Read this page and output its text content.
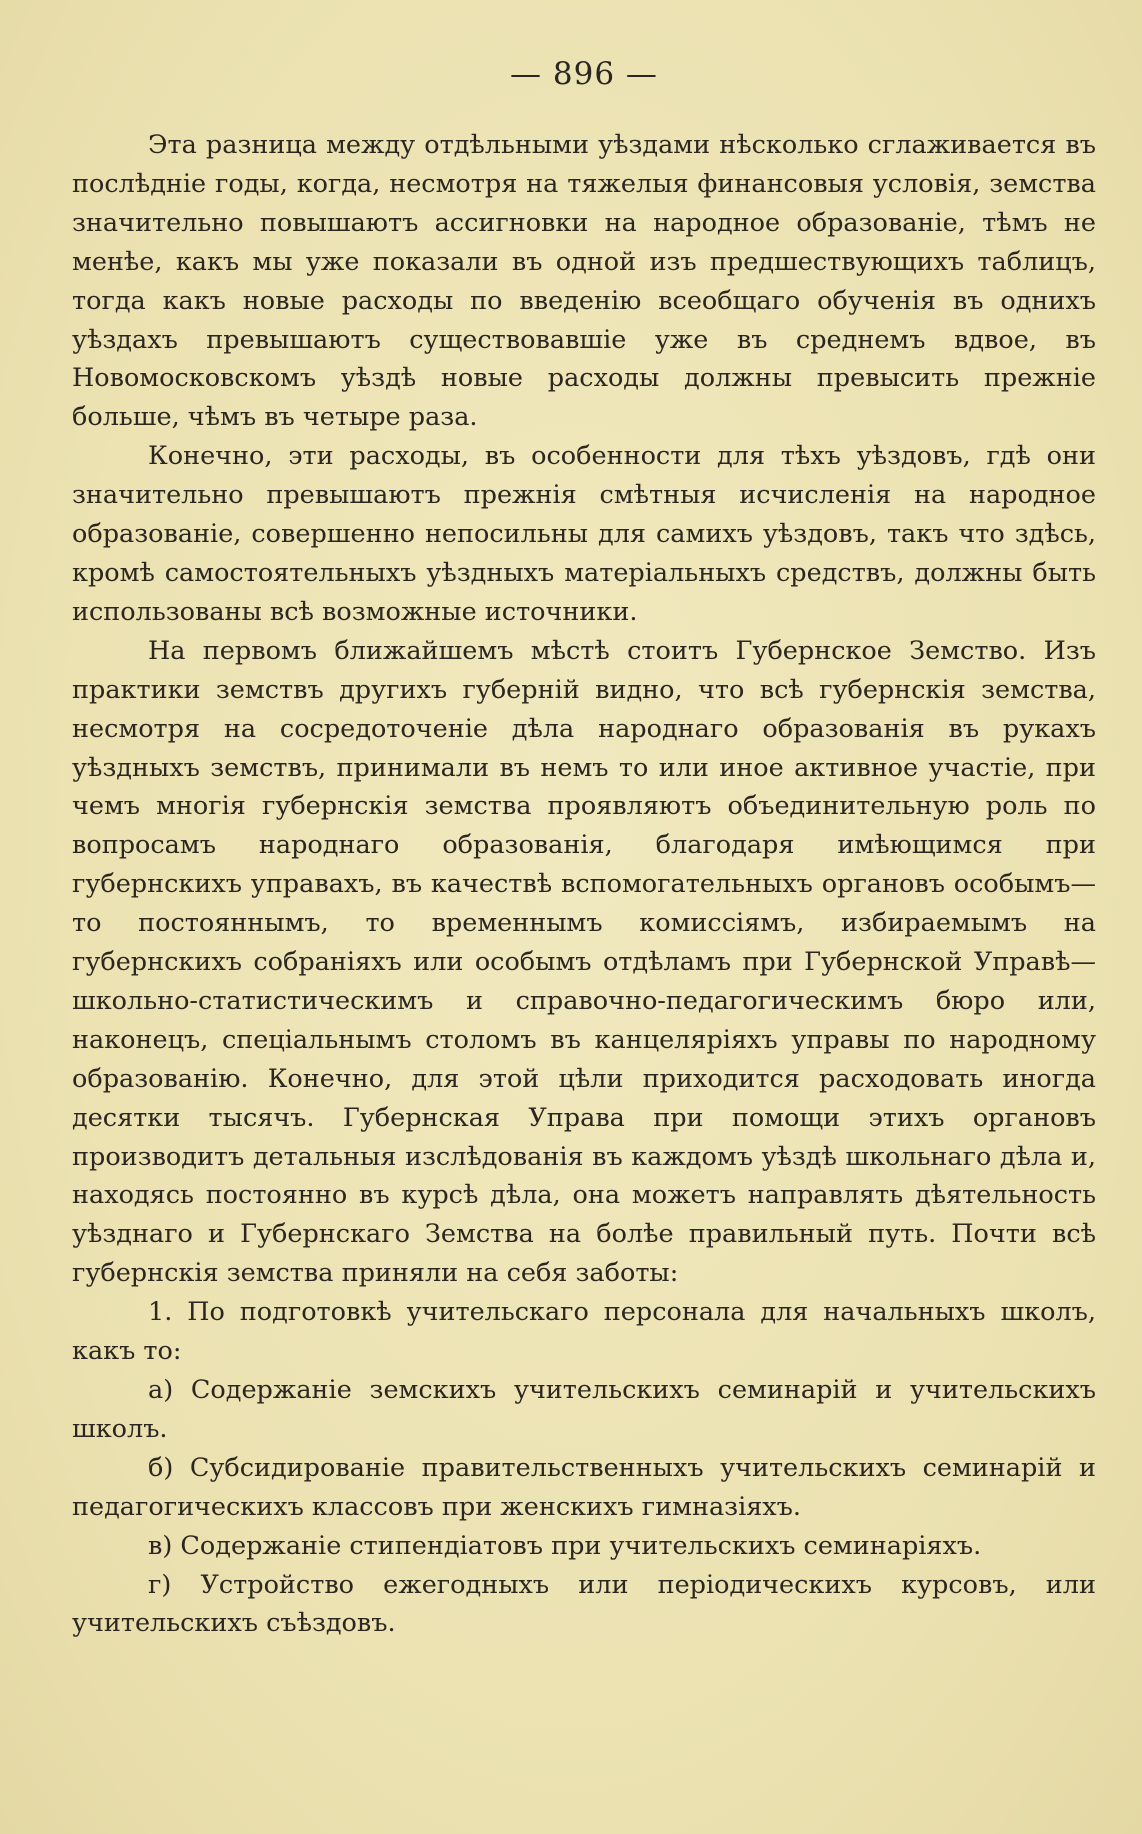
— 896 —

Эта разница между отдѣльными уѣздами нѣсколько сглаживается въ послѣдніе годы, когда, несмотря на тяжелыя финансовыя условія, земства значительно повышаютъ ассигновки на народное образованіе, тѣмъ не менѣе, какъ мы уже показали въ одной изъ предшествующихъ таблицъ, тогда какъ новые расходы по введенію всеобщаго обученія въ однихъ уѣздахъ превышаютъ существовавшіе уже въ среднемъ вдвое, въ Новомосковскомъ уѣздѣ новые расходы должны превысить прежніе больше, чѣмъ въ четыре раза.

Конечно, эти расходы, въ особенности для тѣхъ уѣздовъ, гдѣ они значительно превышаютъ прежнія смѣтныя исчисленія на народное образованіе, совершенно непосильны для самихъ уѣздовъ, такъ что здѣсь, кромѣ самостоятельныхъ уѣздныхъ матеріальныхъ средствъ, должны быть использованы всѣ возможные источники.

На первомъ ближайшемъ мѣстѣ стоитъ Губернское Земство. Изъ практики земствъ другихъ губерній видно, что всѣ губернскія земства, несмотря на сосредоточеніе дѣла народнаго образованія въ рукахъ уѣздныхъ земствъ, принимали въ немъ то или иное активное участіе, при чемъ многія губернскія земства проявляютъ объединительную роль по вопросамъ народнаго образованія, благодаря имѣющимся при губернскихъ управахъ, въ качествѣ вспомогательныхъ органовъ особымъ—то постояннымъ, то временнымъ комиссіямъ, избираемымъ на губернскихъ собраніяхъ или особымъ отдѣламъ при Губернской Управѣ—школьно-статистическимъ и справочно-педагогическимъ бюро или, наконецъ, спеціальнымъ столомъ въ канцеляріяхъ управы по народному образованію. Конечно, для этой цѣли приходится расходовать иногда десятки тысячъ. Губернская Управа при помощи этихъ органовъ производитъ детальныя изслѣдованія въ каждомъ уѣздѣ школьнаго дѣла и, находясь постоянно въ курсѣ дѣла, она можетъ направлять дѣятельность уѣзднаго и Губернскаго Земства на болѣе правильный путь. Почти всѣ губернскія земства приняли на себя заботы:

1. По подготовкѣ учительскаго персонала для начальныхъ школъ, какъ то:

а) Содержаніе земскихъ учительскихъ семинарій и учительскихъ школъ.

б) Субсидированіе правительственныхъ учительскихъ семинарій и педагогическихъ классовъ при женскихъ гимназіяхъ.

в) Содержаніе стипендіатовъ при учительскихъ семинаріяхъ.

г) Устройство ежегодныхъ или періодическихъ курсовъ, или учительскихъ съѣздовъ.
